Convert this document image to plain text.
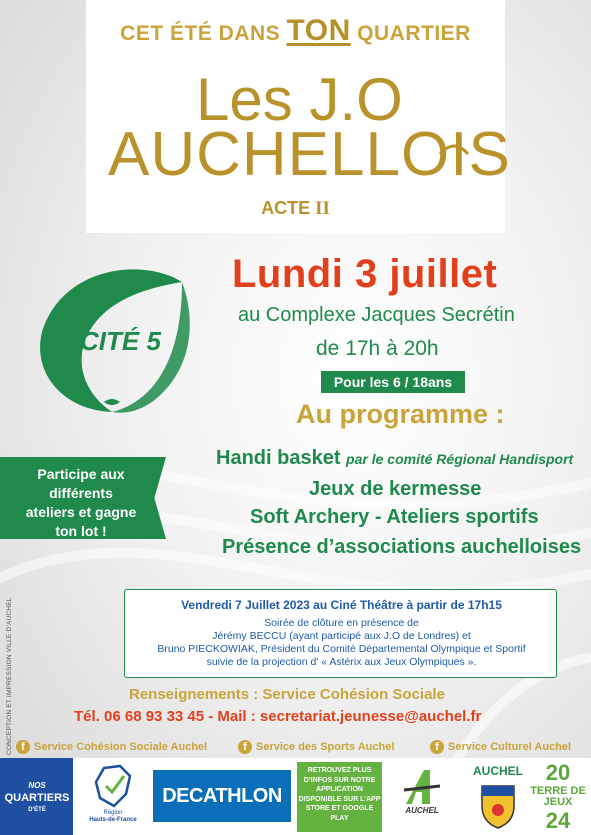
CET ÉTÉ DANS TON QUARTIER
Les J.O
AUCHELLOIS
ACTE II
CITÉ 5
Lundi 3 juillet
au Complexe Jacques Secrétin
de 17h à 20h
Pour les 6 / 18ans
Au programme :
Handi basket par le comité Régional Handisport
Jeux de kermesse
Soft Archery - Ateliers sportifs
Présence d’associations auchelloises
Participe aux différents
ateliers et gagne
ton lot !
Vendredi 7 Juillet 2023 au Ciné Théâtre à partir de 17h15
Soirée de clôture en présence de
Jérémy BECCU (ayant participé aux J.O de Londres) et
Bruno PIECKOWIAK, Président du Comité Départemental Olympique et Sportif
suivie de la projection d’ « Astérix aux Jeux Olympiques ».
Renseignements : Service Cohésion Sociale
Tél. 06 68 93 33 45 - Mail : secretariat.jeunesse@auchel.fr
f Service Cohésion Sociale Auchel	f Service des Sports Auchel	f Service Culturel Auchel
CONCEPTION ET IMPRESSION VILLE D’AUCHEL
NOS
QUARTIERS
D’ÉTÉ	Région
Hauts-de-France
DECATHLON
RETROUVEZ PLUS D’INFOS SUR NOTRE APPLICATION DISPONIBLE SUR L’APP STORE ET GOOGLE PLAY
AUCHEL
AUCHEL	20
TERRE DE JEUX
24
